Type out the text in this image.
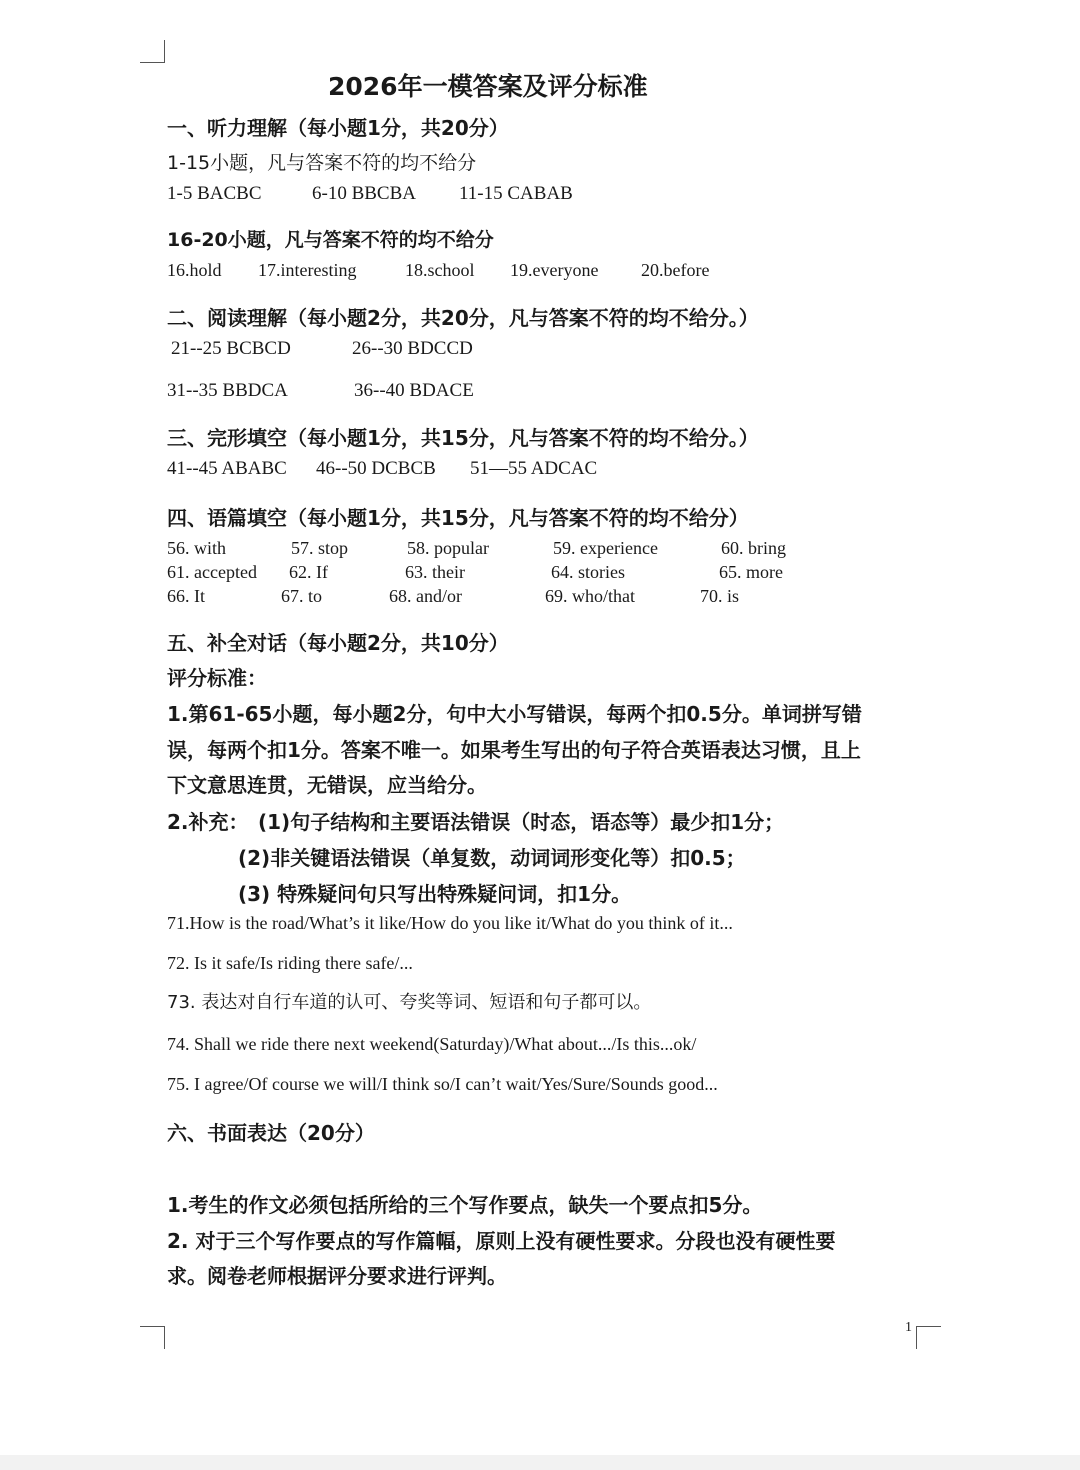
1
2026年一模答案及评分标准
一、听力理解（每小题1分，共20分）
1-15小题，凡与答案不符的均不给分
1-5 BACBC	6-10 BBCBA 11-15 CABAB
16-20小题，凡与答案不符的均不给分
16.hold 17.interesting	18.school 19.everyone 20.before
二、阅读理解（每小题2分，共20分，凡与答案不符的均不给分。）
21--25 BCBCD	26--30 BDCCD
31--35 BBDCA	36--40 BDACE
三、完形填空（每小题1分，共15分，凡与答案不符的均不给分。）
41--45 ABABC 46--50 DCBCB 51—55 ADCAC
四、语篇填空（每小题1分，共15分，凡与答案不符的均不给分）
56. with	57. stop	58. popular	59. experience	60. bring
61. accepted 62. If	63. their	64. stories	65. more
66. It	67. to	68. and/or	69. who/that	70. is
五、补全对话（每小题2分，共10分）
评分标准：
1.第61-65小题，每小题2分，句中大小写错误，每两个扣0.5分。单词拼写错
误，每两个扣1分。答案不唯一。如果考生写出的句子符合英语表达习惯，且上
下文意思连贯，无错误，应当给分。
2.补充： (1)句子结构和主要语法错误（时态，语态等）最少扣1分；
(2)非关键语法错误（单复数，动词词形变化等）扣0.5；
(3) 特殊疑问句只写出特殊疑问词，扣1分。
71.How is the road/What’s it like/How do you like it/What do you think of it...
72. Is it safe/Is riding there safe/...
73. 表达对自行车道的认可、夸奖等词、短语和句子都可以。
74. Shall we ride there next weekend(Saturday)/What about.../Is this...ok/
75. I agree/Of course we will/I think so/I can’t wait/Yes/Sure/Sounds good...
六、书面表达（20分）
1.考生的作文必须包括所给的三个写作要点，缺失一个要点扣5分。
2. 对于三个写作要点的写作篇幅，原则上没有硬性要求。分段也没有硬性要
求。阅卷老师根据评分要求进行评判。
